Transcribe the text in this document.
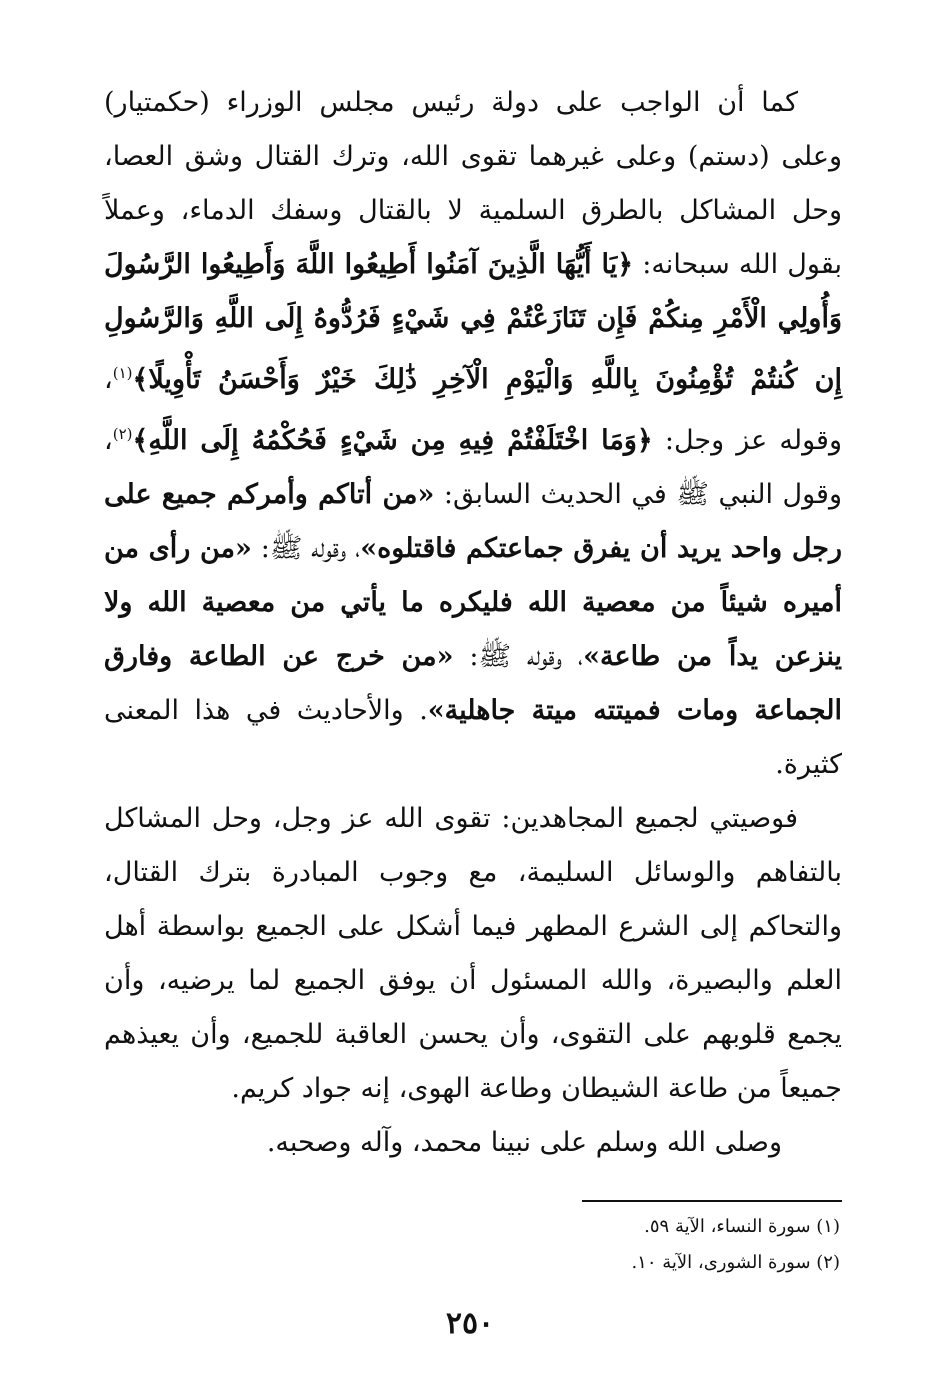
كما أن الواجب على دولة رئيس مجلس الوزراء (حكمتيار) وعلى (دستم) وعلى غيرهما تقوى الله، وترك القتال وشق العصا، وحل المشاكل بالطرق السلمية لا بالقتال وسفك الدماء، وعملاً بقول الله سبحانه: ﴿يَا أَيُّهَا الَّذِينَ آمَنُوا أَطِيعُوا اللَّهَ وَأَطِيعُوا الرَّسُولَ وَأُولِي الْأَمْرِ مِنكُمْ فَإِن تَنَازَعْتُمْ فِي شَيْءٍ فَرُدُّوهُ إِلَى اللَّهِ وَالرَّسُولِ إِن كُنتُمْ تُؤْمِنُونَ بِاللَّهِ وَالْيَوْمِ الْآخِرِ ذَٰلِكَ خَيْرٌ وَأَحْسَنُ تَأْوِيلًا﴾$^{(١)}$، وقوله عز وجل: ﴿وَمَا اخْتَلَفْتُمْ فِيهِ مِن شَيْءٍ فَحُكْمُهُ إِلَى اللَّهِ﴾$^{(٢)}$، وقول النبي ﷺ في الحديث السابق: «من أتاكم وأمركم جميع على رجل واحد يريد أن يفرق جماعتكم فاقتلوه»، وقوله ﷺ: «من رأى من أميره شيئاً من معصية الله فليكره ما يأتي من معصية الله ولا ينزعن يداً من طاعة»، وقوله ﷺ: «من خرج عن الطاعة وفارق الجماعة ومات فميتته ميتة جاهلية». والأحاديث في هذا المعنى كثيرة.

فوصيتي لجميع المجاهدين: تقوى الله عز وجل، وحل المشاكل بالتفاهم والوسائل السليمة، مع وجوب المبادرة بترك القتال، والتحاكم إلى الشرع المطهر فيما أشكل على الجميع بواسطة أهل العلم والبصيرة، والله المسئول أن يوفق الجميع لما يرضيه، وأن يجمع قلوبهم على التقوى، وأن يحسن العاقبة للجميع، وأن يعيذهم جميعاً من طاعة الشيطان وطاعة الهوى، إنه جواد كريم.

وصلى الله وسلم على نبينا محمد، وآله وصحبه.

(١) سورة النساء، الآية ٥٩.
(٢) سورة الشورى، الآية ١٠.
٢٥٠
